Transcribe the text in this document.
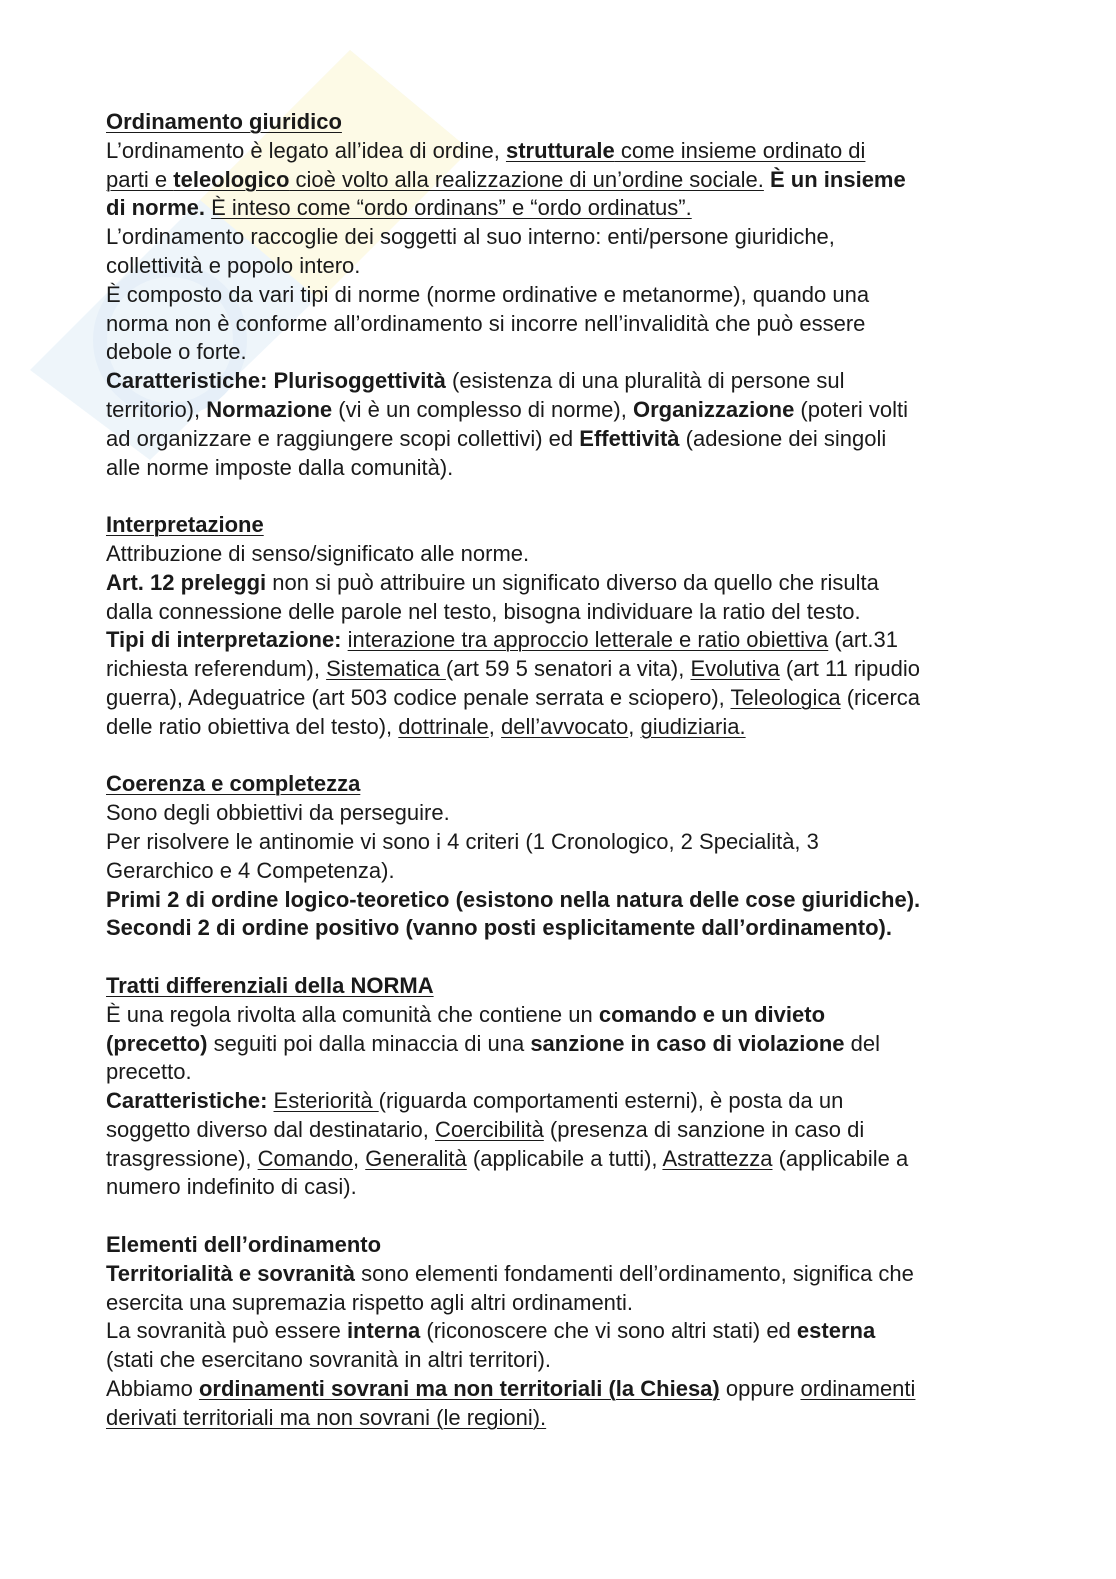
Ordinamento giuridico
L’ordinamento è legato all’idea di ordine, strutturale come insieme ordinato di
parti e teleologico cioè volto alla realizzazione di un’ordine sociale. È un insieme
di norme. È inteso come “ordo ordinans” e “ordo ordinatus”.
L’ordinamento raccoglie dei soggetti al suo interno: enti/persone giuridiche,
collettività e popolo intero.
È composto da vari tipi di norme (norme ordinative e metanorme), quando una
norma non è conforme all’ordinamento si incorre nell’invalidità che può essere
debole o forte.
Caratteristiche: Plurisoggettività (esistenza di una pluralità di persone sul
territorio), Normazione (vi è un complesso di norme), Organizzazione (poteri volti
ad organizzare e raggiungere scopi collettivi) ed Effettività (adesione dei singoli
alle norme imposte dalla comunità).
Interpretazione
Attribuzione di senso/significato alle norme.
Art. 12 preleggi non si può attribuire un significato diverso da quello che risulta
dalla connessione delle parole nel testo, bisogna individuare la ratio del testo.
Tipi di interpretazione: interazione tra approccio letterale e ratio obiettiva (art.31
richiesta referendum), Sistematica (art 59 5 senatori a vita), Evolutiva (art 11 ripudio
guerra), Adeguatrice (art 503 codice penale serrata e sciopero), Teleologica (ricerca
delle ratio obiettiva del testo), dottrinale, dell’avvocato, giudiziaria.
Coerenza e completezza
Sono degli obbiettivi da perseguire.
Per risolvere le antinomie vi sono i 4 criteri (1 Cronologico, 2 Specialità, 3
Gerarchico e 4 Competenza).
Primi 2 di ordine logico-teoretico (esistono nella natura delle cose giuridiche).
Secondi 2 di ordine positivo (vanno posti esplicitamente dall’ordinamento).
Tratti differenziali della NORMA
È una regola rivolta alla comunità che contiene un comando e un divieto
(precetto) seguiti poi dalla minaccia di una sanzione in caso di violazione del
precetto.
Caratteristiche: Esteriorità (riguarda comportamenti esterni), è posta da un
soggetto diverso dal destinatario, Coercibilità (presenza di sanzione in caso di
trasgressione), Comando, Generalità (applicabile a tutti), Astrattezza (applicabile a
numero indefinito di casi).
Elementi dell’ordinamento
Territorialità e sovranità sono elementi fondamenti dell’ordinamento, significa che
esercita una supremazia rispetto agli altri ordinamenti.
La sovranità può essere interna (riconoscere che vi sono altri stati) ed esterna
(stati che esercitano sovranità in altri territori).
Abbiamo ordinamenti sovrani ma non territoriali (la Chiesa) oppure ordinamenti
derivati territoriali ma non sovrani (le regioni).
